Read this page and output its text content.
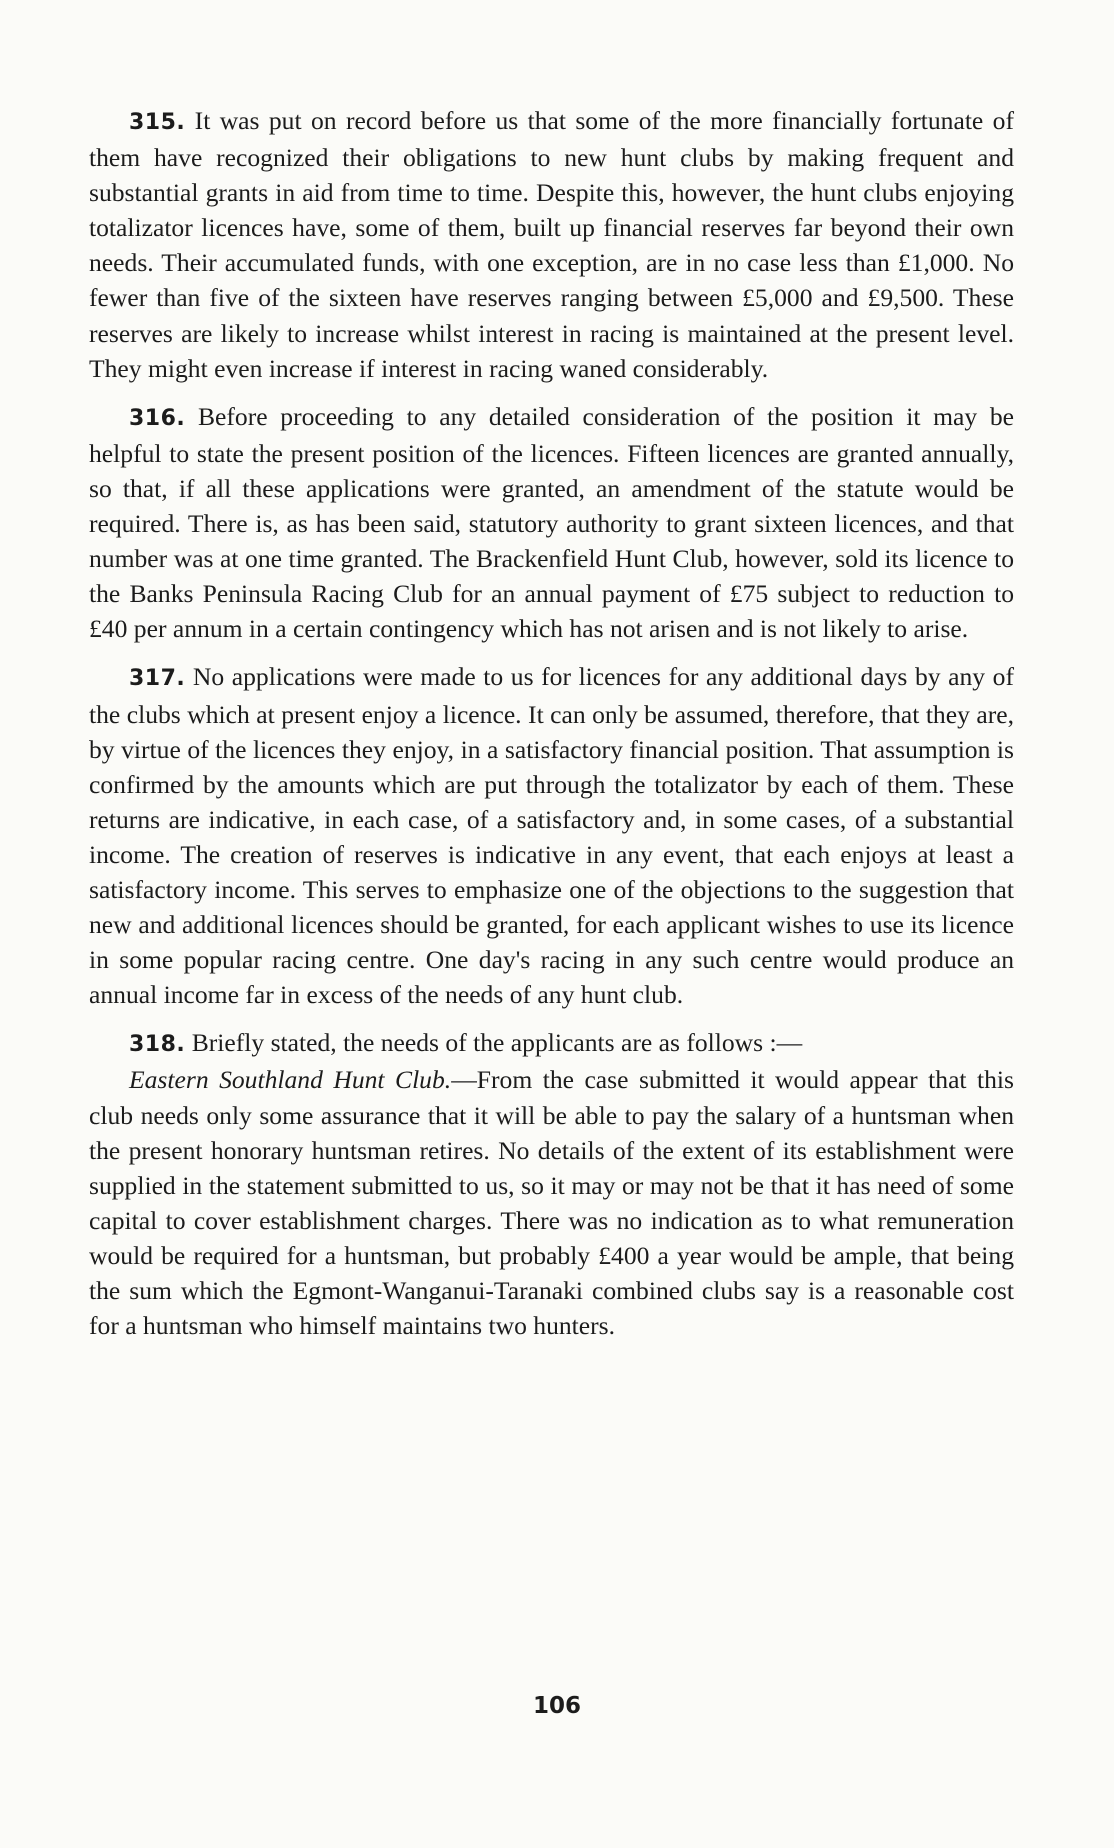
315. It was put on record before us that some of the more financially fortunate of them have recognized their obligations to new hunt clubs by making frequent and substantial grants in aid from time to time. Despite this, however, the hunt clubs enjoying totalizator licences have, some of them, built up financial reserves far beyond their own needs. Their accumulated funds, with one exception, are in no case less than £1,000. No fewer than five of the sixteen have reserves ranging between £5,000 and £9,500. These reserves are likely to increase whilst interest in racing is maintained at the present level. They might even increase if interest in racing waned considerably.

316. Before proceeding to any detailed consideration of the position it may be helpful to state the present position of the licences. Fifteen licences are granted annually, so that, if all these applications were granted, an amendment of the statute would be required. There is, as has been said, statutory authority to grant sixteen licences, and that number was at one time granted. The Brackenfield Hunt Club, however, sold its licence to the Banks Peninsula Racing Club for an annual payment of £75 subject to reduction to £40 per annum in a certain contingency which has not arisen and is not likely to arise.

317. No applications were made to us for licences for any additional days by any of the clubs which at present enjoy a licence. It can only be assumed, therefore, that they are, by virtue of the licences they enjoy, in a satisfactory financial position. That assumption is confirmed by the amounts which are put through the totalizator by each of them. These returns are indicative, in each case, of a satisfactory and, in some cases, of a substantial income. The creation of reserves is indicative in any event, that each enjoys at least a satisfactory income. This serves to emphasize one of the objections to the suggestion that new and additional licences should be granted, for each applicant wishes to use its licence in some popular racing centre. One day's racing in any such centre would produce an annual income far in excess of the needs of any hunt club.

318. Briefly stated, the needs of the applicants are as follows :—

Eastern Southland Hunt Club.—From the case submitted it would appear that this club needs only some assurance that it will be able to pay the salary of a huntsman when the present honorary huntsman retires. No details of the extent of its establishment were supplied in the statement submitted to us, so it may or may not be that it has need of some capital to cover establishment charges. There was no indication as to what remuneration would be required for a huntsman, but probably £400 a year would be ample, that being the sum which the Egmont-Wanganui-Taranaki combined clubs say is a reasonable cost for a huntsman who himself maintains two hunters.

106
